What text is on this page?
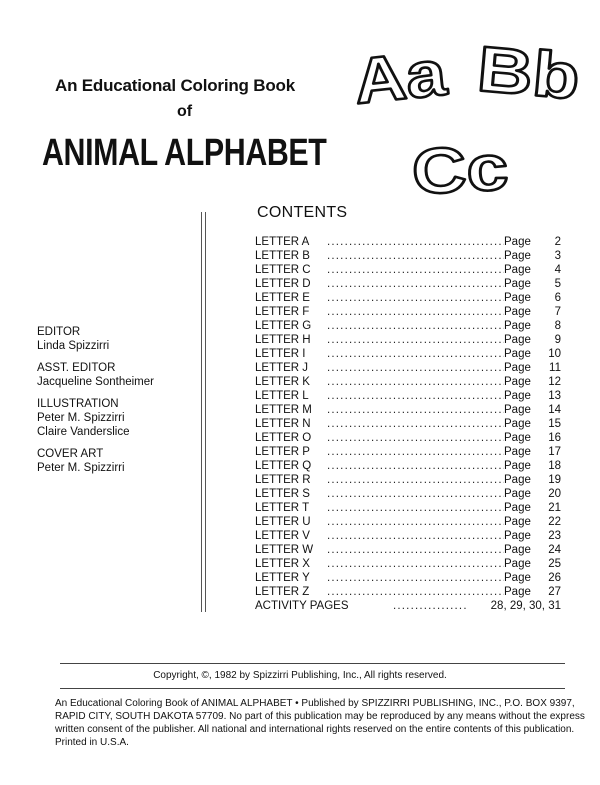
An Educational Coloring Book
of
ANIMAL ALPHABET
Aa Bb
Cc
EDITOR
Linda Spizzirri
ASST. EDITOR
Jacqueline Sontheimer
ILLUSTRATION
Peter M. Spizzirri
Claire Vanderslice
COVER ART
Peter M. Spizzirri
CONTENTS
LETTER A .....	Page	2
LETTER B .....	Page	3
LETTER C .....	Page	4
LETTER D .....	Page	5
LETTER E .....	Page	6
LETTER F .....	Page	7
LETTER G .....	Page	8
LETTER H .....	Page	9
LETTER I .....	Page	10
LETTER J .....	Page	11
LETTER K .....	Page	12
LETTER L .....	Page	13
LETTER M .....	Page	14
LETTER N .....	Page	15
LETTER O .....	Page	16
LETTER P .....	Page	17
LETTER Q .....	Page	18
LETTER R .....	Page	19
LETTER S .....	Page	20
LETTER T .....	Page	21
LETTER U .....	Page	22
LETTER V .....	Page	23
LETTER W .....	Page	24
LETTER X .....	Page	25
LETTER Y .....	Page	26
LETTER Z .....	Page	27
ACTIVITY PAGES .....	28, 29, 30, 31
Copyright, ©, 1982 by Spizzirri Publishing, Inc., All rights reserved.
An Educational Coloring Book of ANIMAL ALPHABET • Published by SPIZZIRRI PUBLISHING, INC., P.O. BOX 9397, RAPID CITY, SOUTH DAKOTA 57709. No part of this publication may be reproduced by any means without the express written consent of the publisher. All national and international rights reserved on the entire contents of this publication.
Printed in U.S.A.
